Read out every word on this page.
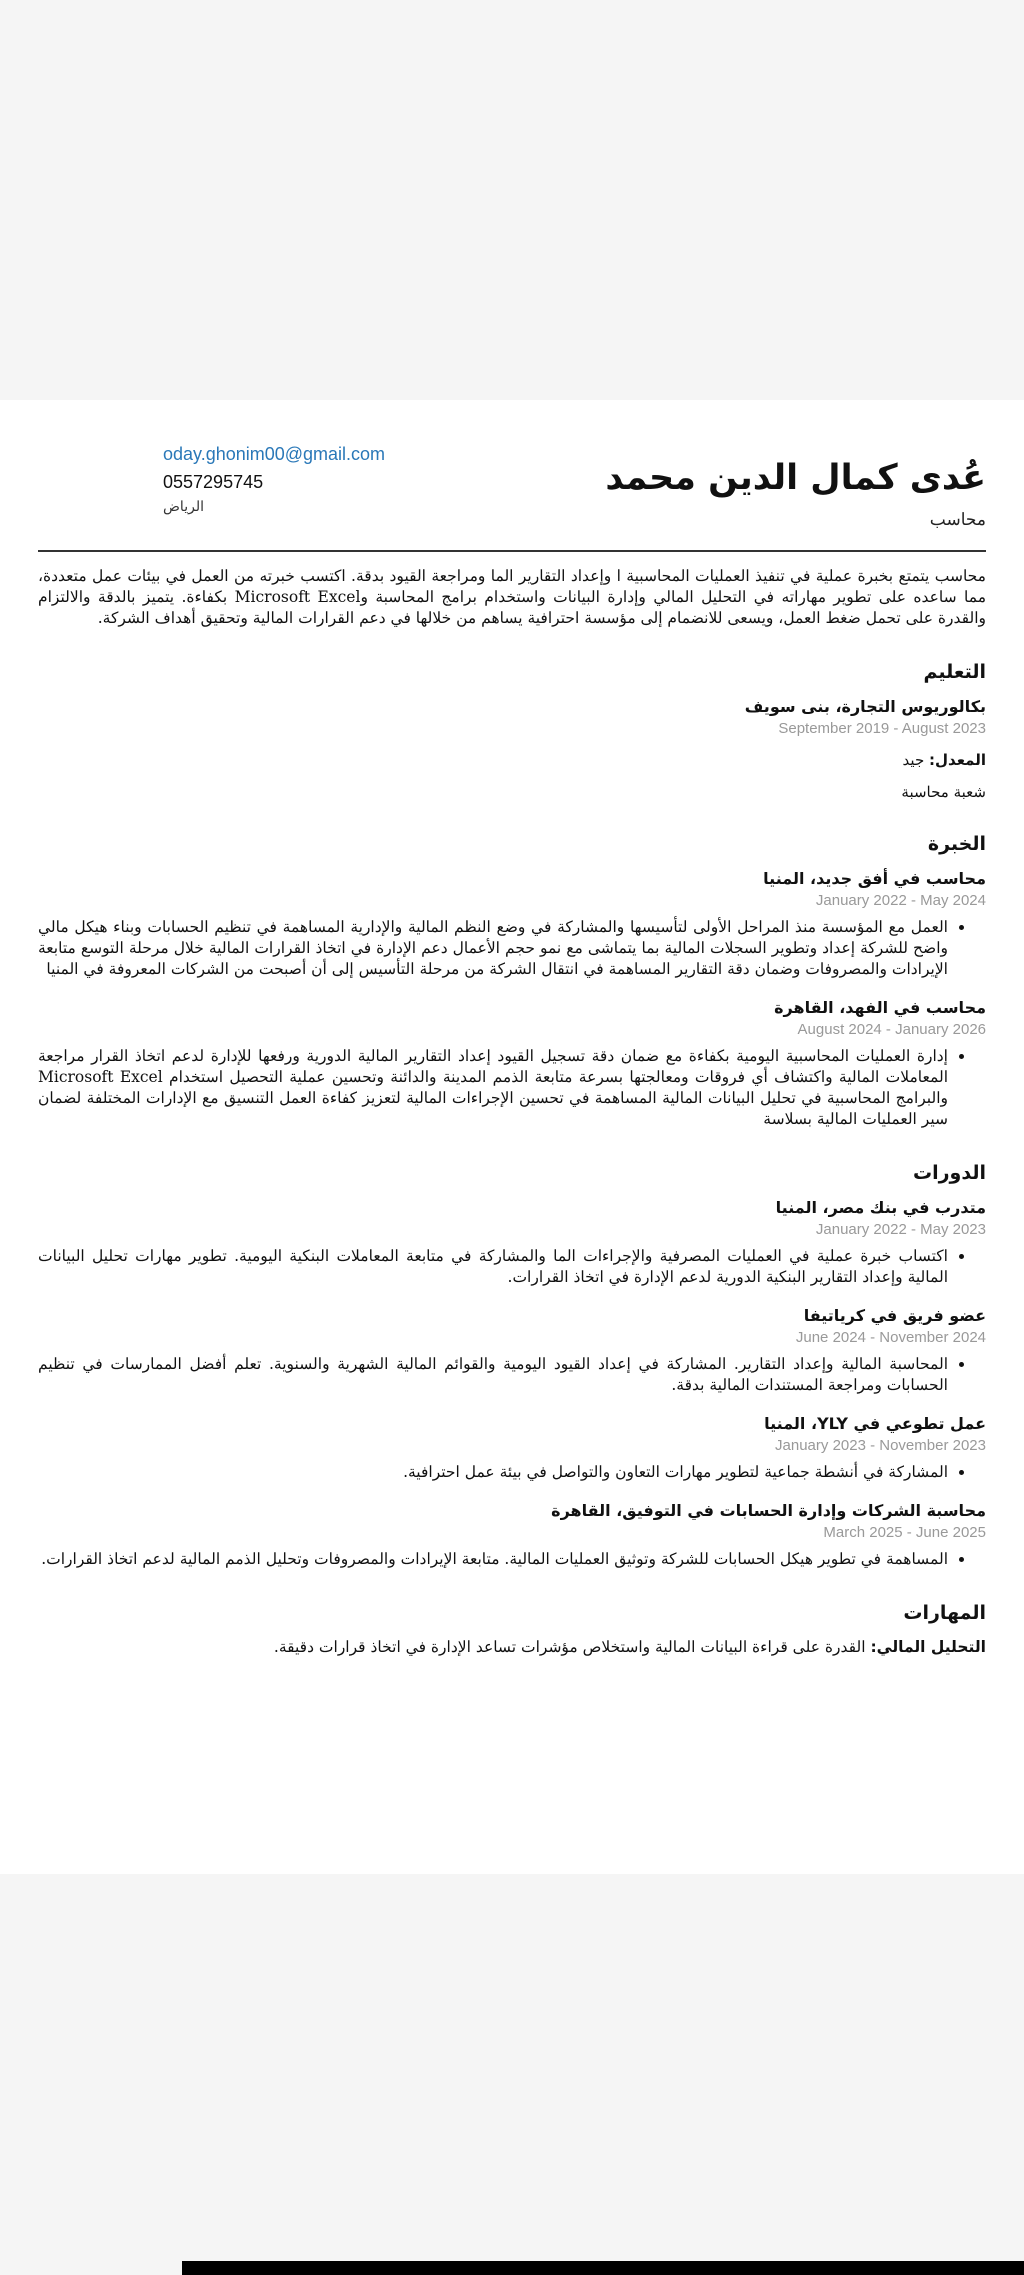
عُدى كمال الدين محمد

محاسب

oday.ghonim00@gmail.com
0557295745
الرياض

محاسب يتمتع بخبرة عملية في تنفيذ العمليات المحاسبية ا وإعداد التقارير الما ومراجعة القيود بدقة. اكتسب خبرته من العمل في بيئات عمل متعددة، مما ساعده على تطوير مهاراته في التحليل المالي وإدارة البيانات واستخدام برامج المحاسبة وMicrosoft Excel بكفاءة. يتميز بالدقة والالتزام والقدرة على تحمل ضغط العمل، ويسعى للانضمام إلى مؤسسة احترافية يساهم من خلالها في دعم القرارات المالية وتحقيق أهداف الشركة.

التعليم
بكالوريوس التجارة، بنى سويف
September 2019 - August 2023

المعدل: جيد

شعبة محاسبة

الخبرة
محاسب في أفق جديد، المنيا
January 2022 - May 2024
• العمل مع المؤسسة منذ المراحل الأولى لتأسيسها والمشاركة في وضع النظم المالية والإدارية المساهمة في تنظيم الحسابات وبناء هيكل مالي واضح للشركة إعداد وتطوير السجلات المالية بما يتماشى مع نمو حجم الأعمال دعم الإدارة في اتخاذ القرارات المالية خلال مرحلة التوسع متابعة الإيرادات والمصروفات وضمان دقة التقارير المساهمة في انتقال الشركة من مرحلة التأسيس إلى أن أصبحت من الشركات المعروفة في المنيا
محاسب في الفهد، القاهرة
August 2024 - January 2026
• إدارة العمليات المحاسبية اليومية بكفاءة مع ضمان دقة تسجيل القيود إعداد التقارير المالية الدورية ورفعها للإدارة لدعم اتخاذ القرار مراجعة المعاملات المالية واكتشاف أي فروقات ومعالجتها بسرعة متابعة الذمم المدينة والدائنة وتحسين عملية التحصيل استخدام Microsoft Excel والبرامج المحاسبية في تحليل البيانات المالية المساهمة في تحسين الإجراءات المالية لتعزيز كفاءة العمل التنسيق مع الإدارات المختلفة لضمان سير العمليات المالية بسلاسة
الدورات
متدرب في بنك مصر، المنيا
January 2022 - May 2023
• اكتساب خبرة عملية في العمليات المصرفية والإجراءات الما والمشاركة في متابعة المعاملات البنكية اليومية. تطوير مهارات تحليل البيانات المالية وإعداد التقارير البنكية الدورية لدعم الإدارة في اتخاذ القرارات.
عضو فريق في كرياتيفا
June 2024 - November 2024
• المحاسبة المالية وإعداد التقارير. المشاركة في إعداد القيود اليومية والقوائم المالية الشهرية والسنوية. تعلم أفضل الممارسات في تنظيم الحسابات ومراجعة المستندات المالية بدقة.
عمل تطوعي في YLY، المنيا
January 2023 - November 2023
• المشاركة في أنشطة جماعية لتطوير مهارات التعاون والتواصل في بيئة عمل احترافية.
محاسبة الشركات وإدارة الحسابات في التوفيق، القاهرة
March 2025 - June 2025
• المساهمة في تطوير هيكل الحسابات للشركة وتوثيق العمليات المالية. متابعة الإيرادات والمصروفات وتحليل الذمم المالية لدعم اتخاذ القرارات.
المهارات

التحليل المالي: القدرة على قراءة البيانات المالية واستخلاص مؤشرات تساعد الإدارة في اتخاذ قرارات دقيقة.
